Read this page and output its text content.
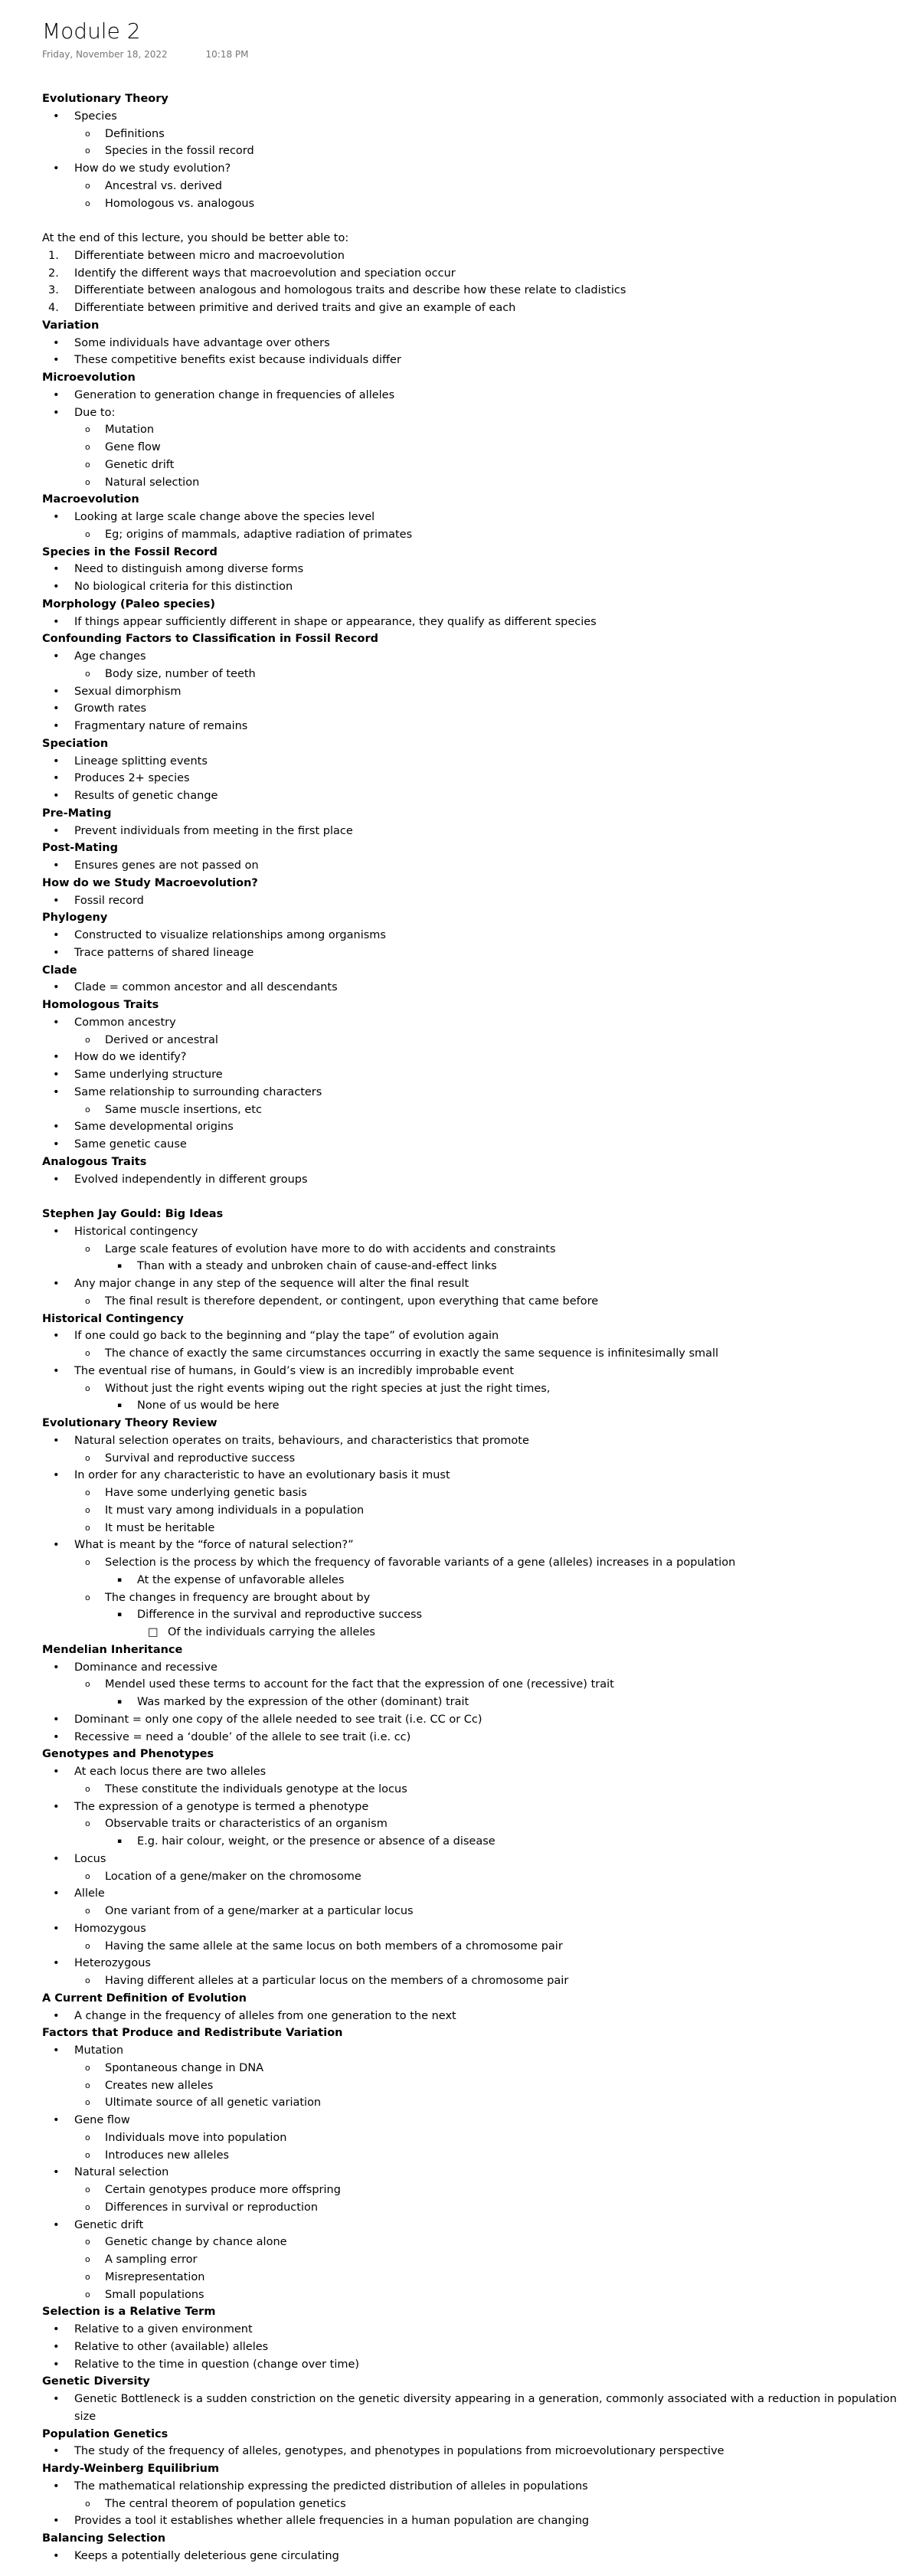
Module 2
Friday, November 18, 2022	10:18 PM
Evolutionary Theory
• Species
o Definitions
o Species in the fossil record
• How do we study evolution?
o Ancestral vs. derived
o Homologous vs. analogous
At the end of this lecture, you should be better able to:
1. Differentiate between micro and macroevolution
2. Identify the different ways that macroevolution and speciation occur
3. Differentiate between analogous and homologous traits and describe how these relate to cladistics
4. Differentiate between primitive and derived traits and give an example of each
Variation
• Some individuals have advantage over others
• These competitive benefits exist because individuals differ
Microevolution
• Generation to generation change in frequencies of alleles
• Due to:
o Mutation
o Gene flow
o Genetic drift
o Natural selection
Macroevolution
• Looking at large scale change above the species level
o Eg; origins of mammals, adaptive radiation of primates
Species in the Fossil Record
• Need to distinguish among diverse forms
• No biological criteria for this distinction
Morphology (Paleo species)
• If things appear sufficiently different in shape or appearance, they qualify as different species
Confounding Factors to Classification in Fossil Record
• Age changes
o Body size, number of teeth
• Sexual dimorphism
• Growth rates
• Fragmentary nature of remains
Speciation
• Lineage splitting events
• Produces 2+ species
• Results of genetic change
Pre-Mating
• Prevent individuals from meeting in the first place
Post-Mating
• Ensures genes are not passed on
How do we Study Macroevolution?
• Fossil record
Phylogeny
• Constructed to visualize relationships among organisms
• Trace patterns of shared lineage
Clade
• Clade = common ancestor and all descendants
Homologous Traits
• Common ancestry
o Derived or ancestral
• How do we identify?
• Same underlying structure
• Same relationship to surrounding characters
o Same muscle insertions, etc
• Same developmental origins
• Same genetic cause
Analogous Traits
• Evolved independently in different groups
Stephen Jay Gould: Big Ideas
• Historical contingency
o Large scale features of evolution have more to do with accidents and constraints
▪ Than with a steady and unbroken chain of cause-and-effect links
• Any major change in any step of the sequence will alter the final result
o The final result is therefore dependent, or contingent, upon everything that came before
Historical Contingency
• If one could go back to the beginning and “play the tape” of evolution again
o The chance of exactly the same circumstances occurring in exactly the same sequence is infinitesimally small
• The eventual rise of humans, in Gould’s view is an incredibly improbable event
o Without just the right events wiping out the right species at just the right times,
▪ None of us would be here
Evolutionary Theory Review
• Natural selection operates on traits, behaviours, and characteristics that promote
o Survival and reproductive success
• In order for any characteristic to have an evolutionary basis it must
o Have some underlying genetic basis
o It must vary among individuals in a population
o It must be heritable
• What is meant by the “force of natural selection?”
o Selection is the process by which the frequency of favorable variants of a gene (alleles) increases in a population
▪ At the expense of unfavorable alleles
o The changes in frequency are brought about by
▪ Difference in the survival and reproductive success
□ Of the individuals carrying the alleles
Mendelian Inheritance
• Dominance and recessive
o Mendel used these terms to account for the fact that the expression of one (recessive) trait
▪ Was marked by the expression of the other (dominant) trait
• Dominant = only one copy of the allele needed to see trait (i.e. CC or Cc)
• Recessive = need a ‘double’ of the allele to see trait (i.e. cc)
Genotypes and Phenotypes
• At each locus there are two alleles
o These constitute the individuals genotype at the locus
• The expression of a genotype is termed a phenotype
o Observable traits or characteristics of an organism
▪ E.g. hair colour, weight, or the presence or absence of a disease
• Locus
o Location of a gene/maker on the chromosome
• Allele
o One variant from of a gene/marker at a particular locus
• Homozygous
o Having the same allele at the same locus on both members of a chromosome pair
• Heterozygous
o Having different alleles at a particular locus on the members of a chromosome pair
A Current Definition of Evolution
• A change in the frequency of alleles from one generation to the next
Factors that Produce and Redistribute Variation
• Mutation
o Spontaneous change in DNA
o Creates new alleles
o Ultimate source of all genetic variation
• Gene flow
o Individuals move into population
o Introduces new alleles
• Natural selection
o Certain genotypes produce more offspring
o Differences in survival or reproduction
• Genetic drift
o Genetic change by chance alone
o A sampling error
o Misrepresentation
o Small populations
Selection is a Relative Term
• Relative to a given environment
• Relative to other (available) alleles
• Relative to the time in question (change over time)
Genetic Diversity
• Genetic Bottleneck is a sudden constriction on the genetic diversity appearing in a generation, commonly associated with a reduction in population size
Population Genetics
• The study of the frequency of alleles, genotypes, and phenotypes in populations from microevolutionary perspective
Hardy-Weinberg Equilibrium
• The mathematical relationship expressing the predicted distribution of alleles in populations
o The central theorem of population genetics
• Provides a tool it establishes whether allele frequencies in a human population are changing
Balancing Selection
• Keeps a potentially deleterious gene circulating
